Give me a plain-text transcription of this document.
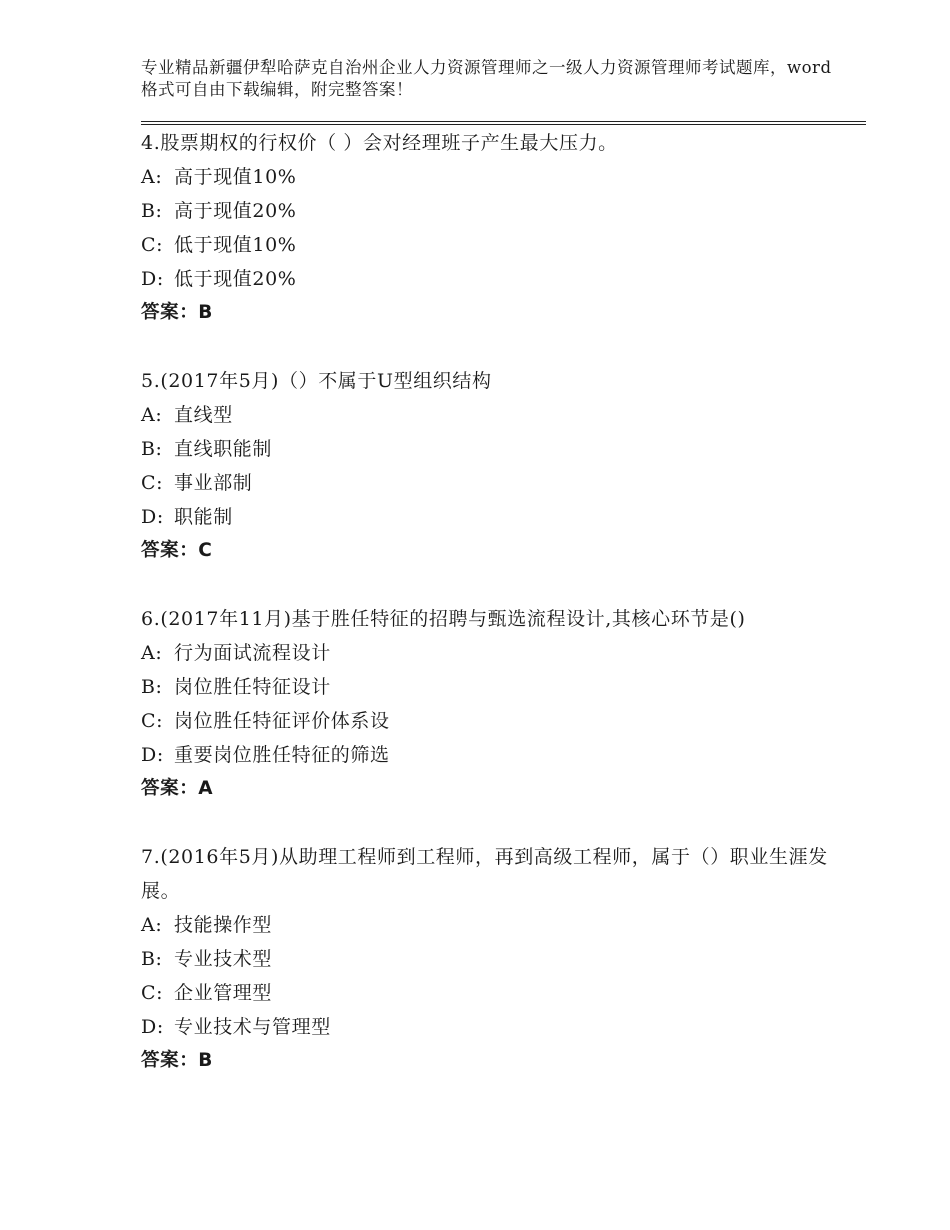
专业精品新疆伊犁哈萨克自治州企业人力资源管理师之一级人力资源管理师考试题库，word格式可自由下载编辑，附完整答案！
4.股票期权的行权价（ ）会对经理班子产生最大压力。
A: 高于现值10%
B: 高于现值20%
C: 低于现值10%
D: 低于现值20%
答案：B
5.(2017年5月)（）不属于U型组织结构
A: 直线型
B: 直线职能制
C: 事业部制
D: 职能制
答案：C
6.(2017年11月)基于胜任特征的招聘与甄选流程设计,其核心环节是()
A: 行为面试流程设计
B: 岗位胜任特征设计
C: 岗位胜任特征评价体系设
D: 重要岗位胜任特征的筛选
答案：A
7.(2016年5月)从助理工程师到工程师，再到高级工程师，属于（）职业生涯发展。
A: 技能操作型
B: 专业技术型
C: 企业管理型
D: 专业技术与管理型
答案：B
